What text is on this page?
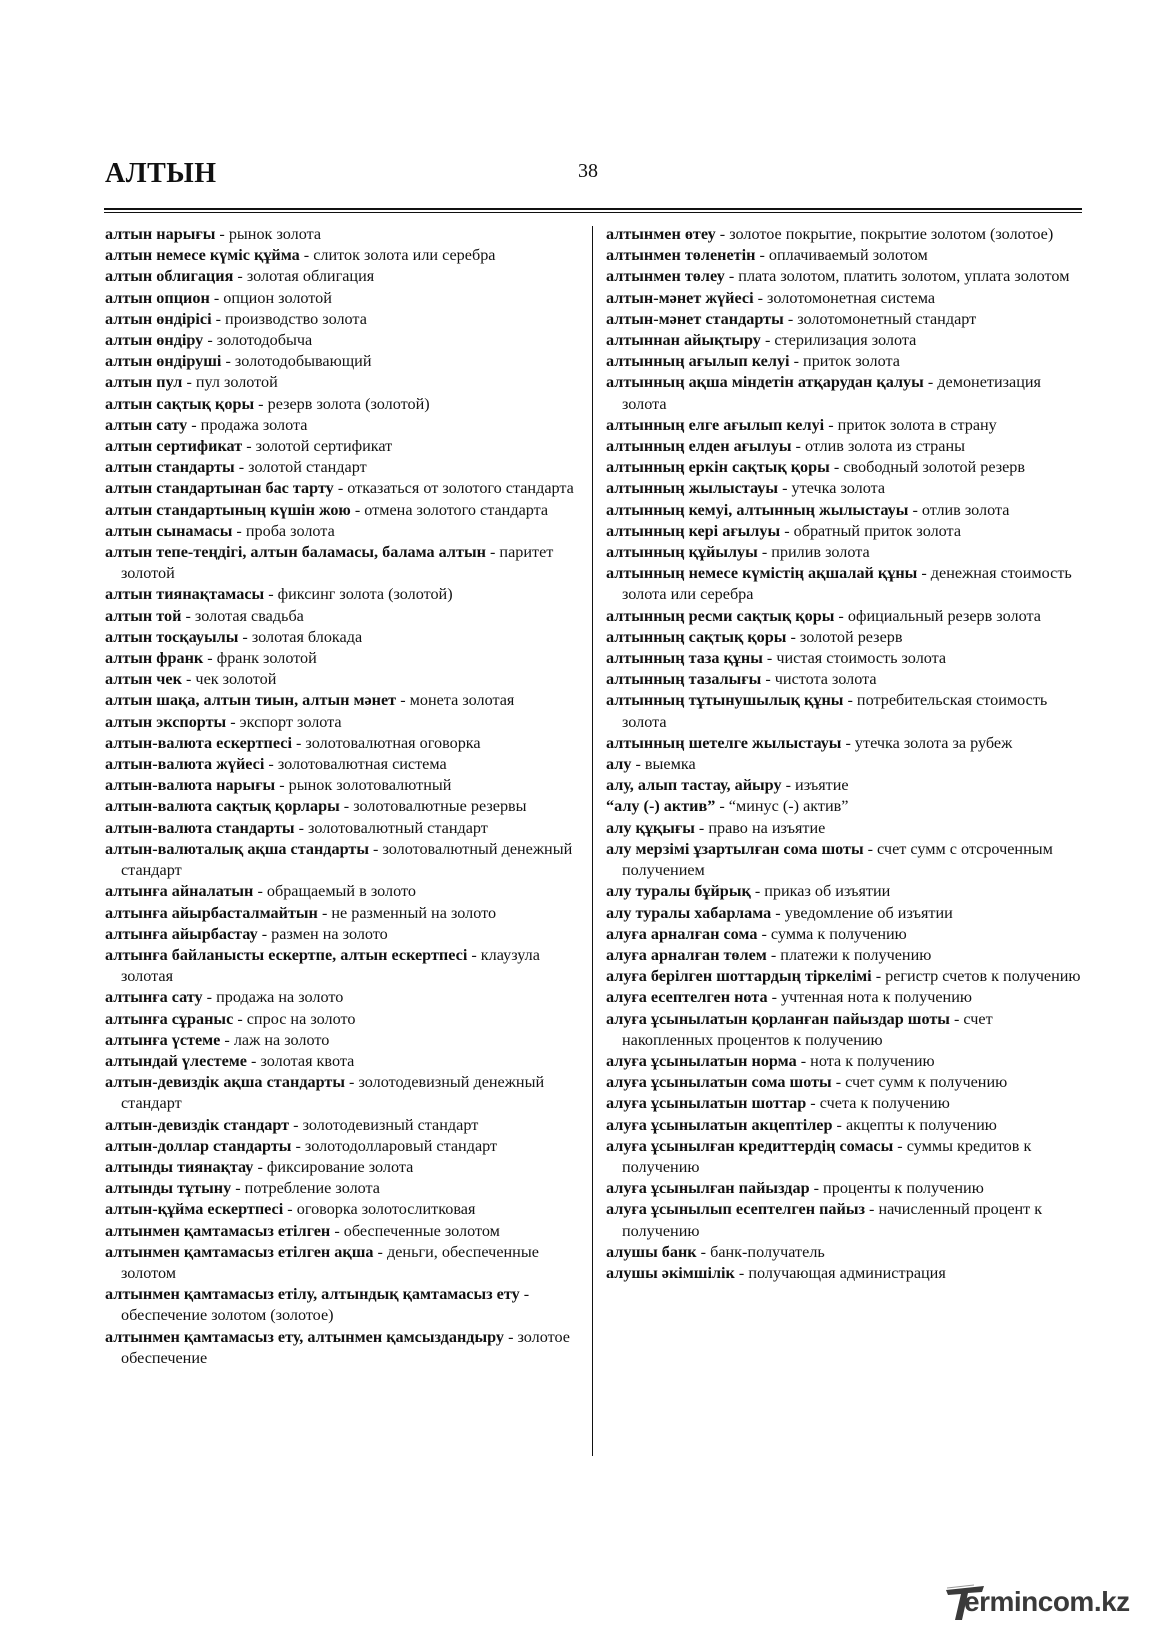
АЛТЫН	38

алтын нарығы - рынок золота

алтын немесе күміс құйма - слиток золота или серебра

алтын облигация - золотая облигация

алтын опцион - опцион золотой

алтын өндірісі - производство золота

алтын өндіру - золотодобыча

алтын өндіруші - золотодобывающий

алтын пул - пул золотой

алтын сақтық қоры - резерв золота (золотой)

алтын сату - продажа золота

алтын сертификат - золотой сертификат

алтын стандарты - золотой стандарт

алтын стандартынан бас тарту - отказаться от золотого стандарта

алтын стандартының күшін жою - отмена золотого стандарта

алтын сынамасы - проба золота

алтын тепе-теңдігі, алтын баламасы, балама алтын - паритет золотой

алтын тиянақтамасы - фиксинг золота (золотой)

алтын той - золотая свадьба

алтын тосқауылы - золотая блокада

алтын франк - франк золотой

алтын чек - чек золотой

алтын шақа, алтын тиын, алтын мәнет - монета золотая

алтын экспорты - экспорт золота

алтын-валюта ескертпесі - золотовалютная оговорка

алтын-валюта жүйесі - золотовалютная система

алтын-валюта нарығы - рынок золотовалютный

алтын-валюта сақтық қорлары - золотовалютные резервы

алтын-валюта стандарты - золотовалютный стандарт

алтын-валюталық ақша стандарты - золотовалютный денежный стандарт

алтынға айналатын - обращаемый в золото

алтынға айырбасталмайтын - не разменный на золото

алтынға айырбастау - размен на золото

алтынға байланысты ескертпе, алтын ескертпесі - клаузула золотая

алтынға сату - продажа на золото

алтынға сұраныс - спрос на золото

алтынға үстеме - лаж на золото

алтындай үлестеме - золотая квота

алтын-девиздік ақша стандарты - золотодевизный денежный стандарт

алтын-девиздік стандарт - золотодевизный стандарт

алтын-доллар стандарты - золотодолларовый стандарт

алтынды тиянақтау - фиксирование золота

алтынды тұтыну - потребление золота

алтын-құйма ескертпесі - оговорка золотослитковая

алтынмен қамтамасыз етілген - обеспеченные золотом

алтынмен қамтамасыз етілген ақша - деньги, обеспеченные золотом

алтынмен қамтамасыз етілу, алтындық қамтамасыз ету - обеспечение золотом (золотое)

алтынмен қамтамасыз ету, алтынмен қамсыздандыру - золотое обеспечение

алтынмен өтеу - золотое покрытие, покрытие золотом (золотое)

алтынмен төленетін - оплачиваемый золотом

алтынмен төлеу - плата золотом, платить золотом, уплата золотом

алтын-мәнет жүйесі - золотомонетная система

алтын-мәнет стандарты - золотомонетный стандарт

алтыннан айықтыру - стерилизация золота

алтынның ағылып келуі - приток золота

алтынның ақша міндетін атқарудан қалуы - демонетизация золота

алтынның елге ағылып келуі - приток золота в страну

алтынның елден ағылуы - отлив золота из страны

алтынның еркін сақтық қоры - свободный золотой резерв

алтынның жылыстауы - утечка золота

алтынның кемуі, алтынның жылыстауы - отлив золота

алтынның кері ағылуы - обратный приток золота

алтынның құйылуы - прилив золота

алтынның немесе күмістің ақшалай құны - денежная стоимость золота или серебра

алтынның ресми сақтық қоры - официальный резерв золота

алтынның сақтық қоры - золотой резерв

алтынның таза құны - чистая стоимость золота

алтынның тазалығы - чистота золота

алтынның тұтынушылық құны - потребительская стоимость золота

алтынның шетелге жылыстауы - утечка золота за рубеж

алу - выемка

алу, алып тастау, айыру - изъятие

“алу (-) актив” - “минус (-) актив”

алу құқығы - право на изъятие

алу мерзімі ұзартылған сома шоты - счет сумм с отсроченным получением

алу туралы бұйрық - приказ об изъятии

алу туралы хабарлама - уведомление об изъятии

алуға арналған сома - сумма к получению

алуға арналған төлем - платежи к получению

алуға берілген шоттардың тіркелімі - регистр счетов к получению

алуға есептелген нота - учтенная нота к получению

алуға ұсынылатын қорланған пайыздар шоты - счет накопленных процентов к получению

алуға ұсынылатын норма - нота к получению

алуға ұсынылатын сома шоты - счет сумм к получению

алуға ұсынылатын шоттар - счета к получению

алуға ұсынылатын акцептілер - акцепты к получению

алуға ұсынылған кредиттердің сомасы - суммы кредитов к получению

алуға ұсынылған пайыздар - проценты к получению

алуға ұсынылып есептелген пайыз - начисленный процент к получению

алушы банк - банк-получатель

алушы әкімшілік - получающая администрация

ermincom.kz
